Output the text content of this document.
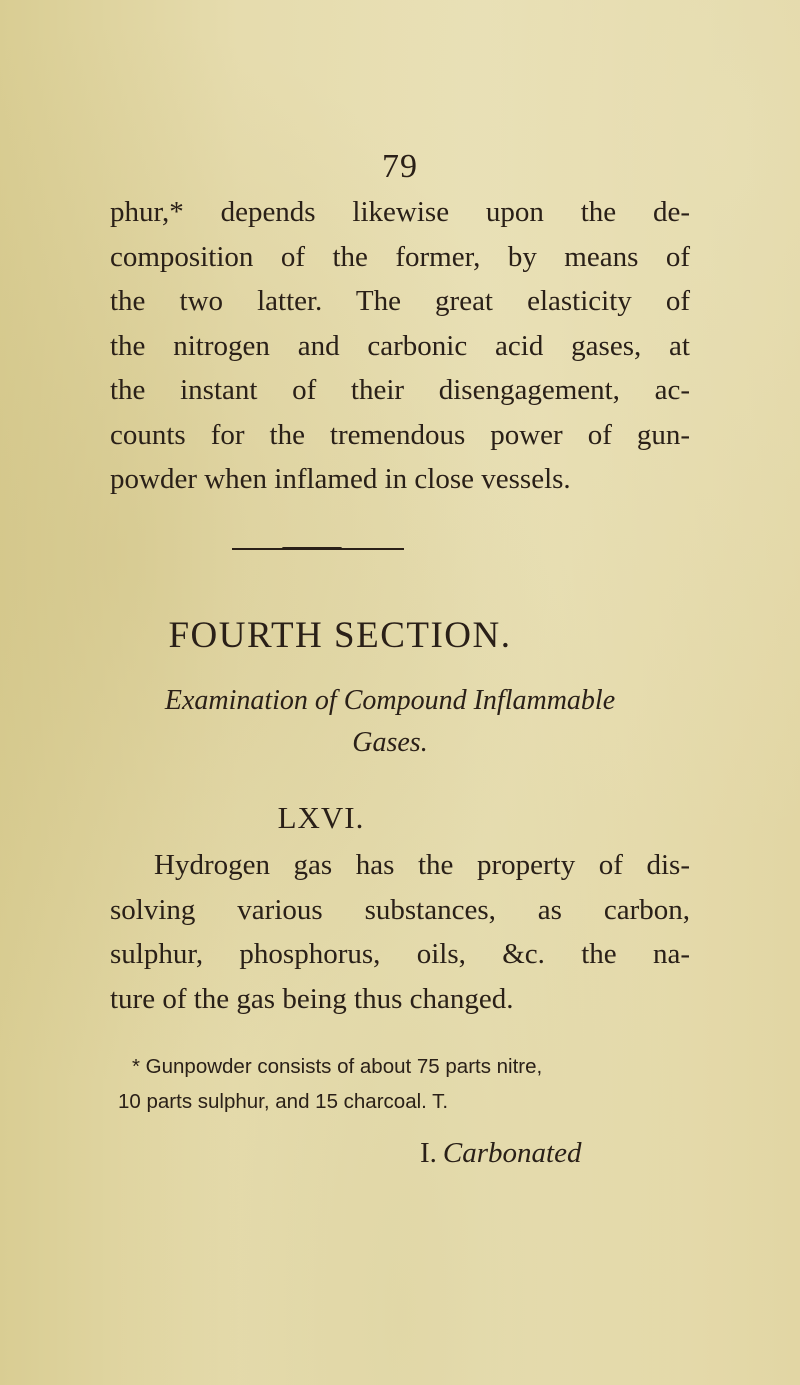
79
phur,* depends likewise upon the de-
composition of the former, by means of
the two latter. The great elasticity of
the nitrogen and carbonic acid gases, at
the instant of their disengagement, ac-
counts for the tremendous power of gun-
powder when inflamed in close vessels.
FOURTH SECTION.
Examination of Compound Inflammable
Gases.
LXVI.
Hydrogen gas has the property of dis-
solving various substances, as carbon,
sulphur, phosphorus, oils, &c. the na-
ture of the gas being thus changed.
* Gunpowder consists of about 75 parts nitre,
10 parts sulphur, and 15 charcoal. T.
I. Carbonated
